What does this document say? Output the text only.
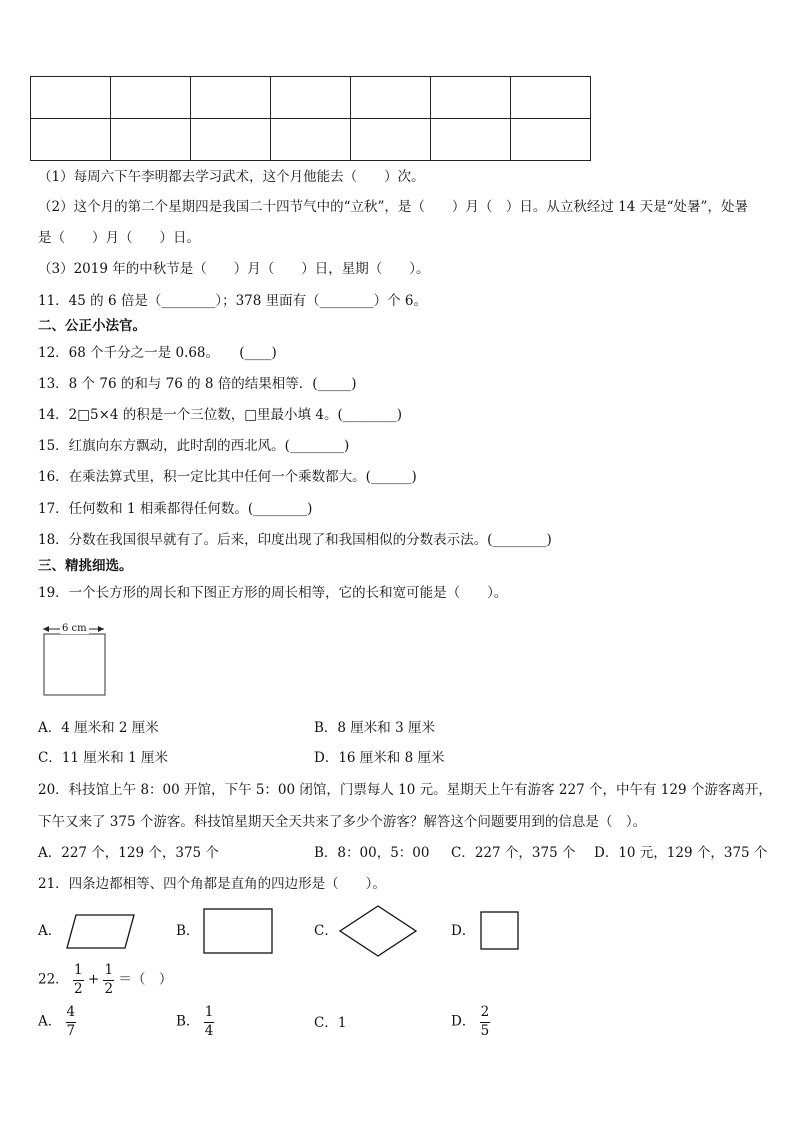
（1）每周六下午李明都去学习武术，这个月他能去（　　）次。
（2）这个月的第二个星期四是我国二十四节气中的“立秋”，是（　　）月（　）日。从立秋经过 14 天是“处暑”，处暑
是（　　）月（　　）日。
（3）2019 年的中秋节是（　　）月（　　）日，星期（　　）。
11．45 的 6 倍是（________）；378 里面有（________）个 6。
二、公正小法官。
12．68 个千分之一是 0.68。　　(____)
13．8 个 76 的和与 76 的 8 倍的结果相等．(_____)
14．2□5×4 的积是一个三位数，□里最小填 4。(________)
15．红旗向东方飘动，此时刮的西北风。(________)
16．在乘法算式里，积一定比其中任何一个乘数都大。(______)
17．任何数和 1 相乘都得任何数。(________)
18．分数在我国很早就有了。后来，印度出现了和我国相似的分数表示法。(________)
三、精挑细选。
19．一个长方形的周长和下图正方形的周长相等，它的长和宽可能是（　　）。
6 cm
A．4 厘米和 2 厘米	B．8 厘米和 3 厘米
C．11 厘米和 1 厘米	D．16 厘米和 8 厘米
20．科技馆上午 8：00 开馆，下午 5：00 闭馆，门票每人 10 元。星期天上午有游客 227 个，中午有 129 个游客离开，
下午又来了 375 个游客。科技馆星期天全天共来了多少个游客？解答这个问题要用到的信息是（　）。
A．227 个，129 个，375 个	B．8：00，5：00 C．227 个，375 个 D．10 元，129 个，375 个
21．四条边都相等、四个角都是直角的四边形是（　　）。
A．	B．	C．	D．
22． $\frac{1}{2} + \frac{1}{2}$ ＝（　）
A． $\frac{4}{7}$	B． $\frac{1}{4}$	C．1	D． $\frac{2}{5}$
